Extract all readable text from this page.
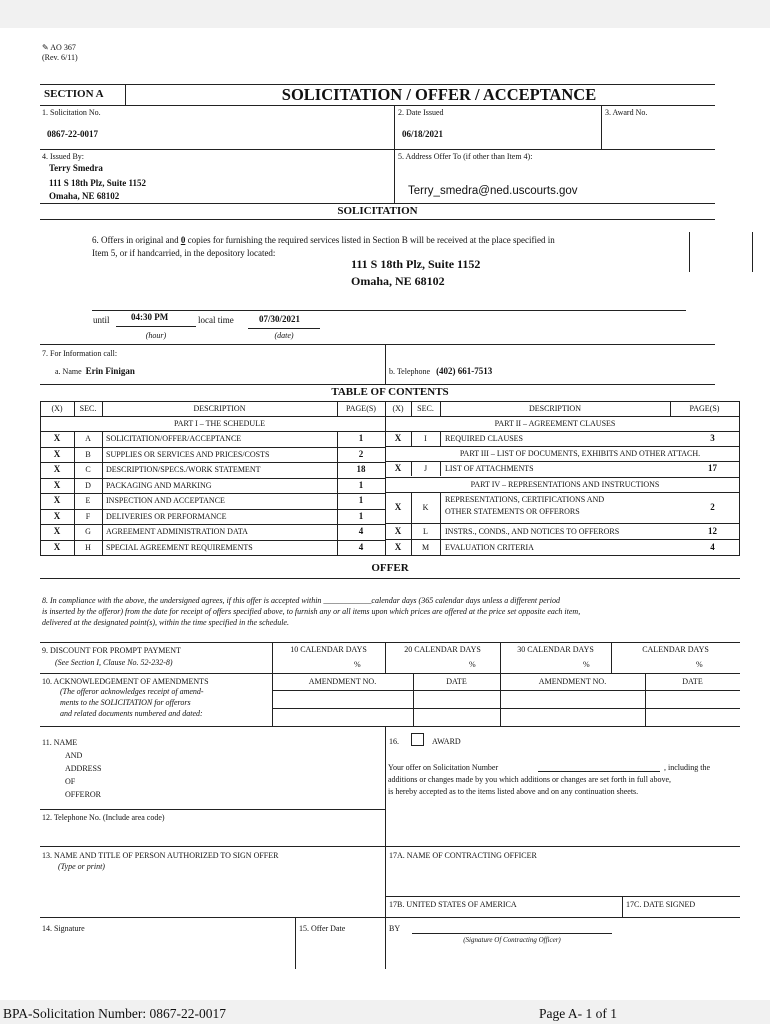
✎ AO 367
(Rev. 6/11)
SECTION A	SOLICITATION / OFFER / ACCEPTANCE
1. Solicitation No.
0867-22-0017
2. Date Issued
06/18/2021
3. Award No.
4. Issued By:
Terry Smedra
111 S 18th Plz, Suite 1152
Omaha, NE 68102
5. Address Offer To (if other than Item 4):
Terry_smedra@ned.uscourts.gov
SOLICITATION
6. Offers in original and 0 copies for furnishing the required services listed in Section B will be received at the place specified in
Item 5, or if handcarried, in the depository located:
111 S 18th Plz, Suite 1152
Omaha, NE 68102
until 04:30 PM
(hour)
local time	07/30/2021
(date)
7. For Information call:
a. Name Erin Finigan	b. Telephone (402) 661-7513
TABLE OF CONTENTS
(X)	SEC.	DESCRIPTION	PAGE(S)
PART I – THE SCHEDULE
X	A	SOLICITATION/OFFER/ACCEPTANCE	1
X	B	SUPPLIES OR SERVICES AND PRICES/COSTS	2
X	C	DESCRIPTION/SPECS./WORK STATEMENT	18
X	D	PACKAGING AND MARKING	1
X	E	INSPECTION AND ACCEPTANCE	1
X	F	DELIVERIES OR PERFORMANCE	1
X	G	AGREEMENT ADMINISTRATION DATA	4
X	H	SPECIAL AGREEMENT REQUIREMENTS	4
(X)	SEC.	DESCRIPTION	PAGE(S)
PART II – AGREEMENT CLAUSES
X	I	REQUIRED CLAUSES	3
PART III – LIST OF DOCUMENTS, EXHIBITS AND OTHER ATTACH.
X	J	LIST OF ATTACHMENTS	17
PART IV – REPRESENTATIONS AND INSTRUCTIONS
X	K
REPRESENTATIONS, CERTIFICATIONS AND
OTHER STATEMENTS OR OFFERORS	2
X	L	INSTRS., CONDS., AND NOTICES TO OFFERORS	12
X	M	EVALUATION CRITERIA	4
OFFER
8. In compliance with the above, the undersigned agrees, if this offer is accepted within ____________calendar days (365 calendar days unless a different period
is inserted by the offeror) from the date for receipt of offers specified above, to furnish any or all items upon which prices are offered at the price set opposite each item,
delivered at the designated point(s), within the time specified in the schedule.
9. DISCOUNT FOR PROMPT PAYMENT
(See Section I, Clause No. 52-232-8)
10 CALENDAR DAYS	20 CALENDAR DAYS	30 CALENDAR DAYS	CALENDAR DAYS
%	%	%	%
10. ACKNOWLEDGEMENT OF AMENDMENTS
(The offeror acknowledges receipt of amend-
ments to the SOLICITATION for offerors
and related documents numbered and dated:
AMENDMENT NO.	DATE	AMENDMENT NO.	DATE
11. NAME
AND
ADDRESS
OF
OFFEROR
16.	AWARD
Your offer on Solicitation Number	, including the
additions or changes made by you which additions or changes are set forth in full above,
is hereby accepted as to the items listed above and on any continuation sheets.
12. Telephone No. (Include area code)
13. NAME AND TITLE OF PERSON AUTHORIZED TO SIGN OFFER
(Type or print)
17A. NAME OF CONTRACTING OFFICER
17B. UNITED STATES OF AMERICA	17C. DATE SIGNED
14. Signature	15. Offer Date	BY
(Signature Of Contracting Officer)
BPA-Solicitation Number: 0867-22-0017	Page A- 1 of 1
